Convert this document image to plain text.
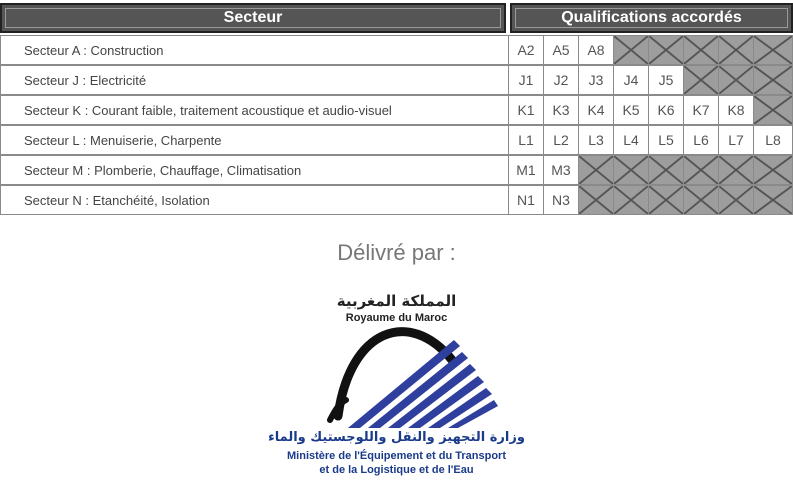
Secteur	Qualifications accordés
Secteur A : Construction	A2	A5	A8
Secteur J : Electricité	J1	J2	J3	J4	J5
Secteur K : Courant faible, traitement acoustique et audio-visuel	K1	K3	K4	K5	K6	K7	K8
Secteur L : Menuiserie, Charpente	L1	L2	L3	L4	L5	L6	L7	L8
Secteur M : Plomberie, Chauffage, Climatisation	M1	M3
Secteur N : Etanchéité, Isolation	N1	N3
Délivré par :
المملكة المغربية
Royaume du Maroc
وزارة التجهيز والنقل واللوجستيك والماء
Ministère de l'Équipement et du Transport
et de la Logistique et de l'Eau
